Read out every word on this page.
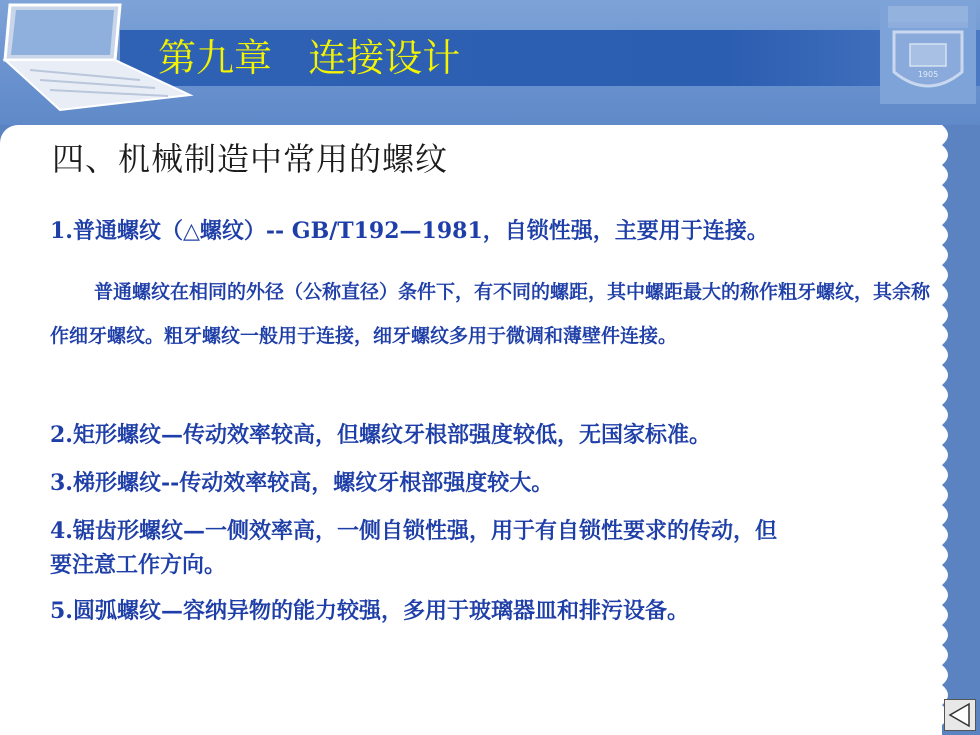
第九章   连接设计	1905
四、机械制造中常用的螺纹
1.普通螺纹（△螺纹）-- GB/T192—1981，自锁性强，主要用于连接。
普通螺纹在相同的外径（公称直径）条件下，有不同的螺距，其中螺距最大的称作粗牙螺纹，其余称作细牙螺纹。粗牙螺纹一般用于连接，细牙螺纹多用于微调和薄壁件连接。
2.矩形螺纹—传动效率较高，但螺纹牙根部强度较低，无国家标准。
3.梯形螺纹--传动效率较高，螺纹牙根部强度较大。
4.锯齿形螺纹—一侧效率高，一侧自锁性强，用于有自锁性要求的传动，但
要注意工作方向。
5.圆弧螺纹—容纳异物的能力较强，多用于玻璃器皿和排污设备。
